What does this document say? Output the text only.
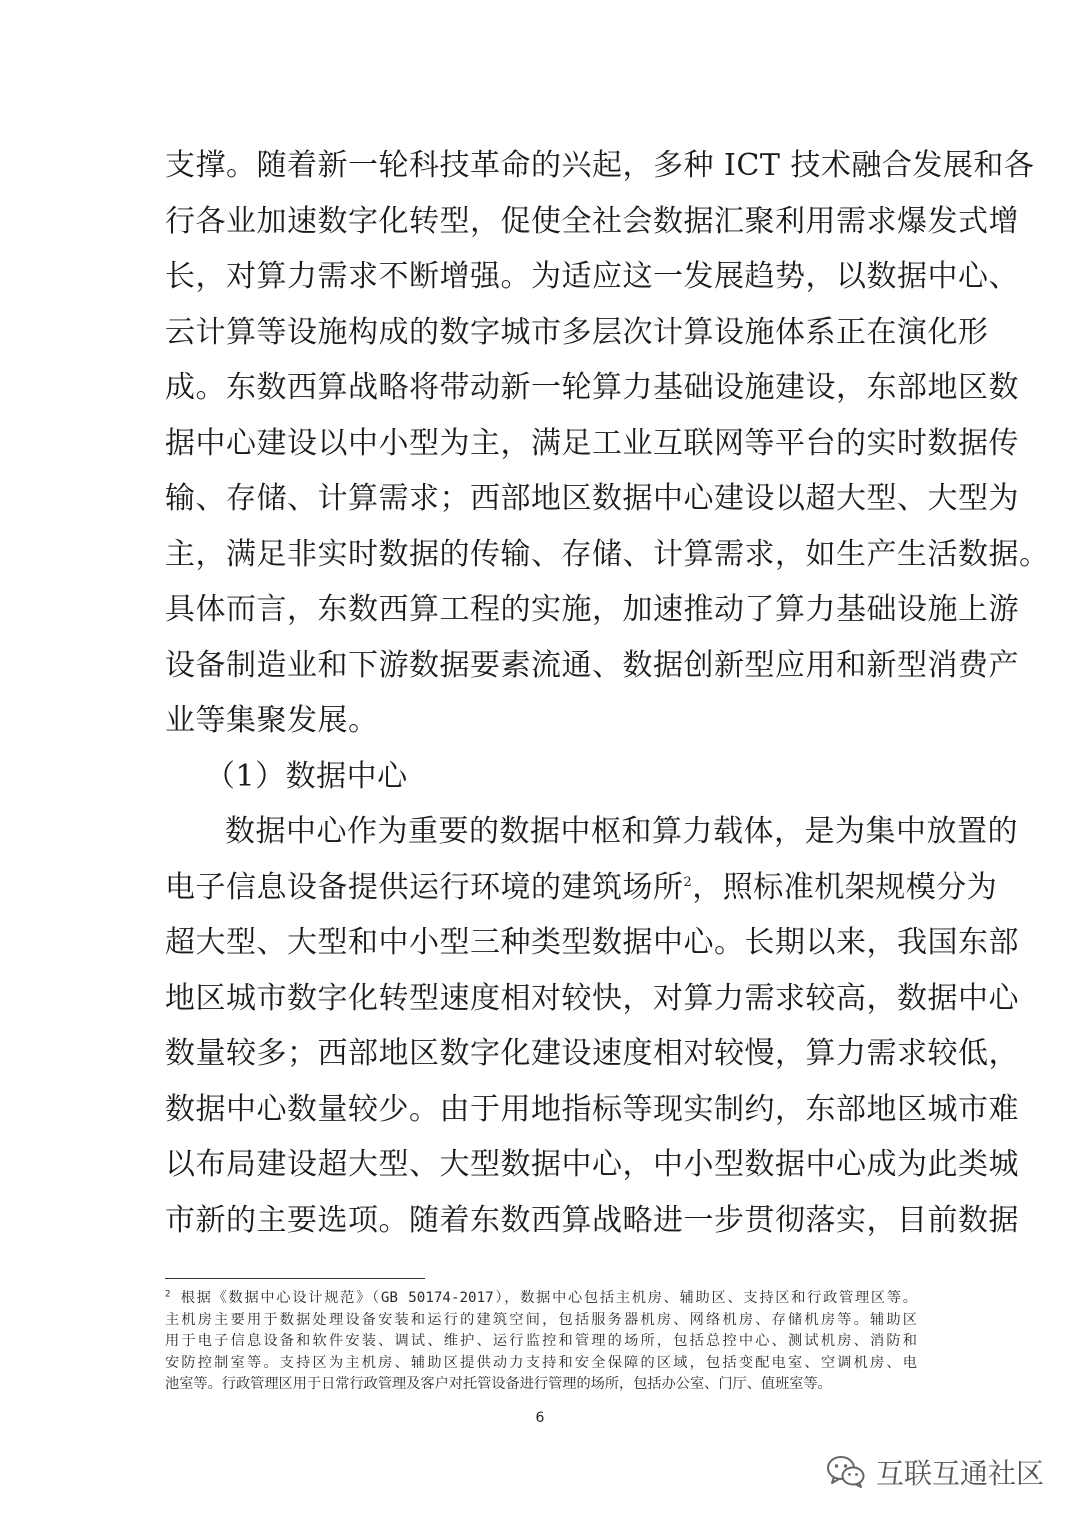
支撑。随着新一轮科技革命的兴起，多种 ICT 技术融合发展和各
行各业加速数字化转型，促使全社会数据汇聚利用需求爆发式增
长，对算力需求不断增强。为适应这一发展趋势，以数据中心、
云计算等设施构成的数字城市多层次计算设施体系正在演化形
成。东数西算战略将带动新一轮算力基础设施建设，东部地区数
据中心建设以中小型为主，满足工业互联网等平台的实时数据传
输、存储、计算需求；西部地区数据中心建设以超大型、大型为
主，满足非实时数据的传输、存储、计算需求，如生产生活数据。
具体而言，东数西算工程的实施，加速推动了算力基础设施上游
设备制造业和下游数据要素流通、数据创新型应用和新型消费产
业等集聚发展。
（1）数据中心
数据中心作为重要的数据中枢和算力载体，是为集中放置的
电子信息设备提供运行环境的建筑场所$^2$，照标准机架规模分为
超大型、大型和中小型三种类型数据中心。长期以来，我国东部
地区城市数字化转型速度相对较快，对算力需求较高，数据中心
数量较多；西部地区数字化建设速度相对较慢，算力需求较低，
数据中心数量较少。由于用地指标等现实制约，东部地区城市难
以布局建设超大型、大型数据中心，中小型数据中心成为此类城
市新的主要选项。随着东数西算战略进一步贯彻落实，目前数据
$^2$ 根据《数据中心设计规范》（GB 50174-2017），数据中心包括主机房、辅助区、支持区和行政管理区等。
主机房主要用于数据处理设备安装和运行的建筑空间，包括服务器机房、网络机房、存储机房等。辅助区
用于电子信息设备和软件安装、调试、维护、运行监控和管理的场所，包括总控中心、测试机房、消防和
安防控制室等。支持区为主机房、辅助区提供动力支持和安全保障的区域，包括变配电室、空调机房、电
池室等。行政管理区用于日常行政管理及客户对托管设备进行管理的场所，包括办公室、门厅、值班室等。
6
互联互通社区
